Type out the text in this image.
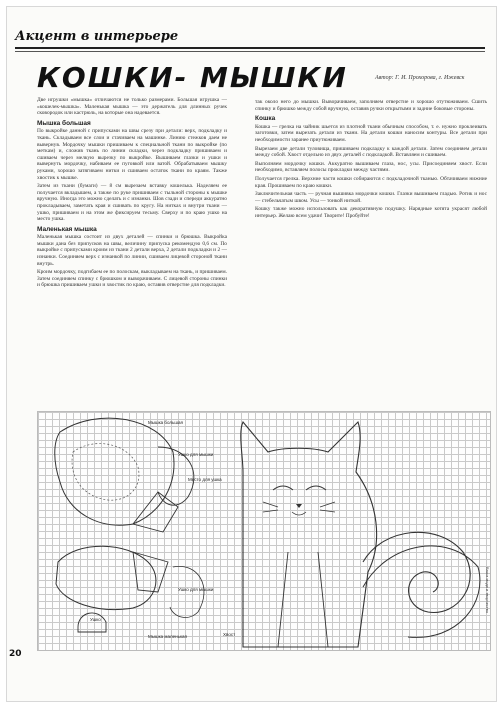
Акцент в интерьере
КОШКИ- МЫШКИ	Автор: Г. И. Прохорова, г. Ижевск
Две игрушки «мышка» отличаются не только размерами. Большая игрушка — «кошелек-мышка». Маленькая мышка — это держатель для длинных ручек сковородок или кастрюль, на которые она надевается.
Мышка большая
По выкройке данной с припусками на швы срезу при детали: верх, подкладку и ткань. Складываем все слои и стачиваем на машинке. Линию стежков даем не вывернув. Мордочку мышки пришиваем к специальной ткани по выкройке (по меткам) и, сложив ткань по линии складки, через подкладку пришиваем и сшиваем через мелкую вырезку по выкройке. Вышиваем глазки и ушки и вывернуть мордочку, набиваем ее пуговкой или ватой. Обрабатываем мышку руками, хорошо затягиваем нитки и сшиваем остаток ткани по краям. Также хвостик к мышке.
Затем из ткани (бумаги) — 8 см вырезаем вставку кошелька. Наделяем ее получается вкладышем, а также по руке пришиваем с тыльной стороны к мышке вручную. Иногда это можно сделать и с изнанки. Шов сзади и спереди аккуратно прокладываем, заметать края и сшивать по кругу. На нитках и внутри ткани — ушко, пришиваем и на этом же фиксируем тесьму. Сверху и по краю ушко на место ушка.
Маленькая мышка
Маленькая мышка состоит из двух деталей — спинки и брюшка. Выкройка мышки дана без припусков на швы, величину припуска рекомендую 0,6 см. По выкройке с припусками кроим из ткани 2 детали верха, 2 детали подкладки и 2 — изнанки. Соединяем верх с изнанкой по линии, сшиваем лицевой стороной ткани внутрь.
Кроим мордочку, подгибаем ее по полоскам, выкладываем на ткань, и пришиваем. Затем соединяем спинку с брюшком и выворачиваем. С лицевой стороны спинки и брюшка пришиваем ушки и хвостик по краю, оставив отверстие для подкладки.
так около него до мышки. Выворачиваем, заполняем отверстие и хорошо отутюживаем. Сшить спинку и брюшко между собой вручную, оставив ручки открытыми и задние боковые стороны.
Кошка
Кошка — грелка на чайник шьется из плотной ткани обычным способом, т. е. нужно проклеивать заготовки, затем вырезать детали из ткани. На детали кошки наносим контуры. Все детали при необходимости заранее приутюживаем.
Вырезаем две детали туловища, пришиваем подкладку к каждой детали. Затем соединяем детали между собой. Хвост отдельно из двух деталей с подкладкой. Вставляем и сшиваем.
Выполняем мордочку кошки. Аккуратно вышиваем глаза, нос, усы. Присоединяем хвост. Если необходимо, вставляем полосы прокладки между частями.
Получается грелка. Верхние части кошки собираются с подкладочной тканью. Обтачиваем нижние края. Прошиваем по краю кошки.
Заключительная часть — ручная вышивка мордочки кошки. Глазки вышиваем гладью. Ротик и нос — стебельчатым швом. Усы — тонкой ниткой.
Кошку также можно использовать как декоративную подушку. Нарядные котята украсят любой интерьер. Желаю всем удачи! Творите! Пробуйте!
Мышка большая
Ушко для мышки
Место для ушка
Ушко для мышки
Ушко
Мышка маленькая	Хвост
20
Ваша мода и творчество
